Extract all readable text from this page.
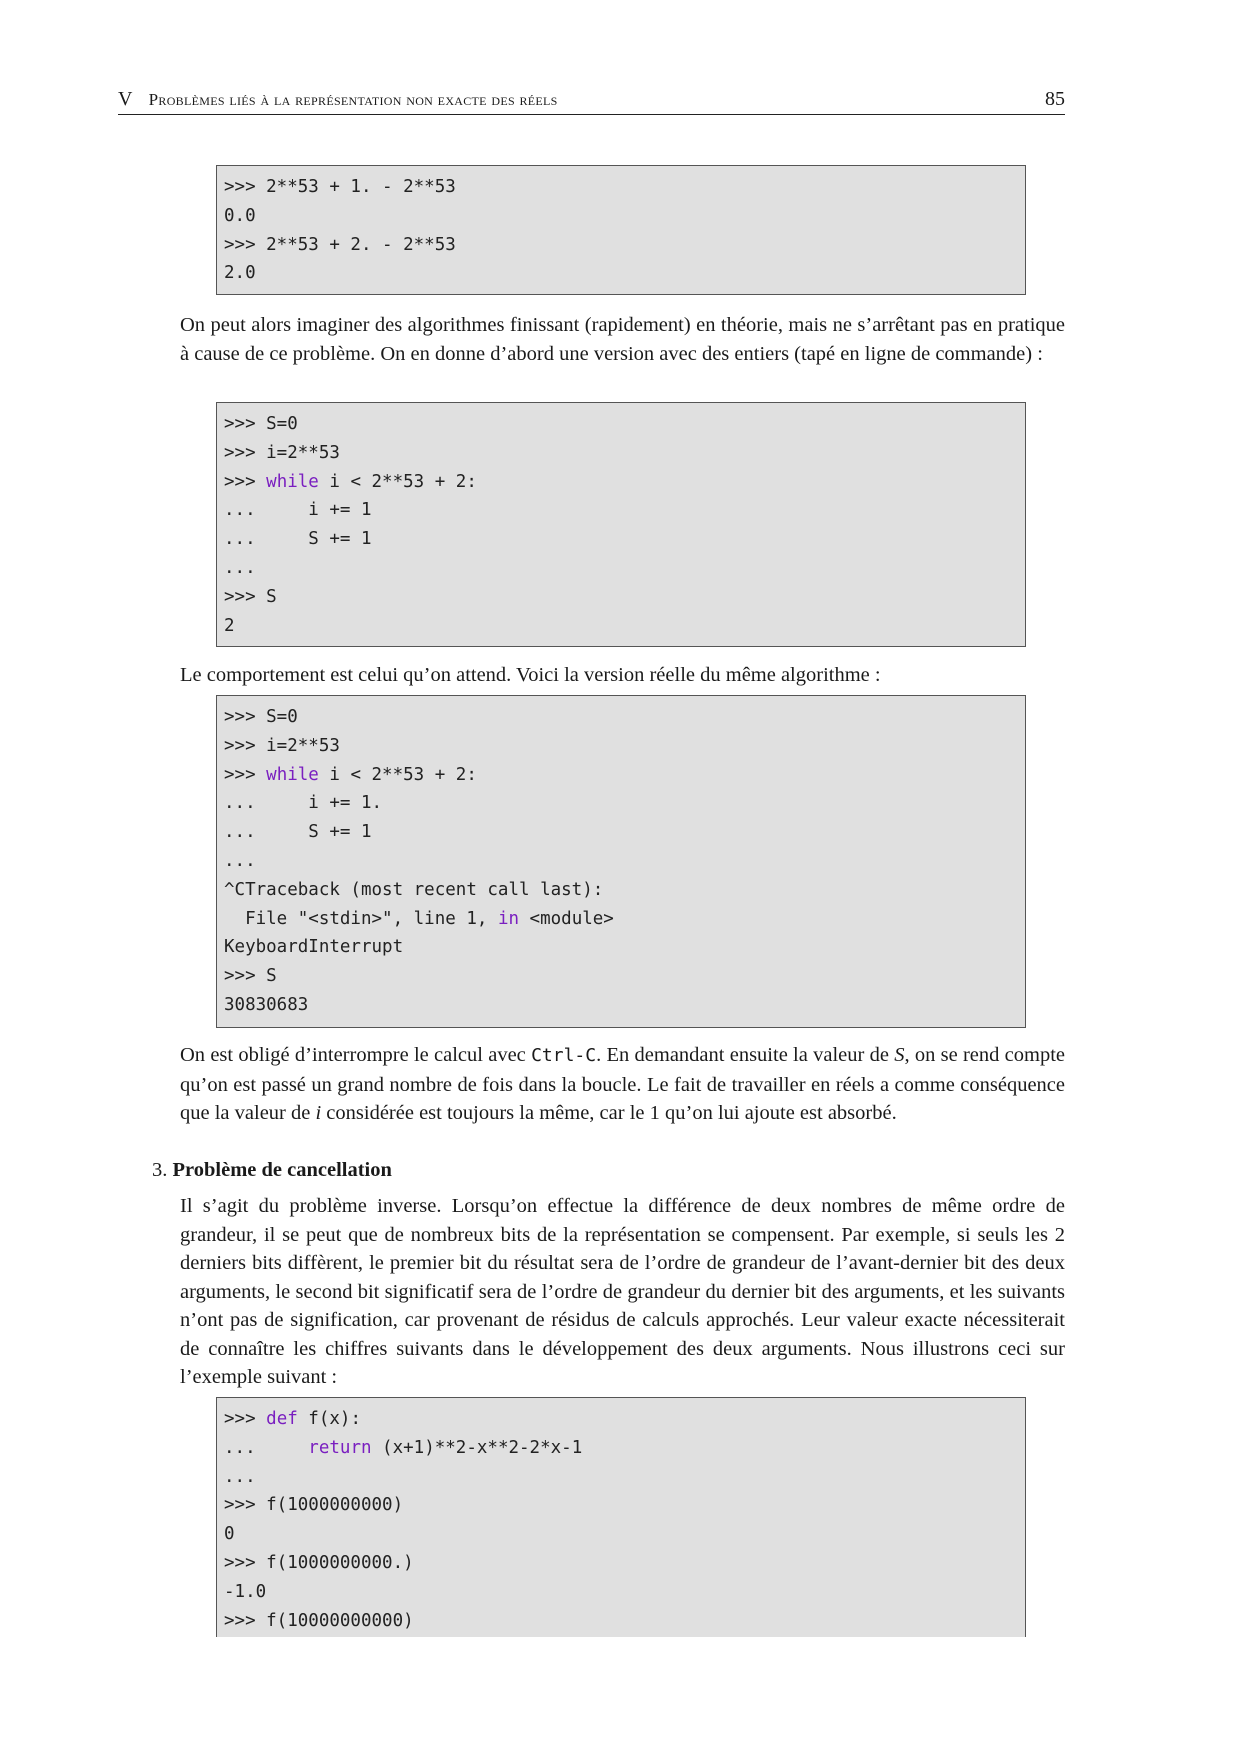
V Problèmes liés à la représentation non exacte des réels	85
>>> 2**53 + 1. - 2**53
0.0
>>> 2**53 + 2. - 2**53
2.0
On peut alors imaginer des algorithmes finissant (rapidement) en théorie, mais ne s’arrêtant pas en pratique à cause de ce problème. On en donne d’abord une version avec des entiers (tapé en ligne de commande) :
>>> S=0
>>> i=2**53
>>> while i < 2**53 + 2:
...     i += 1
...     S += 1
...
>>> S
2
Le comportement est celui qu’on attend. Voici la version réelle du même algorithme :
>>> S=0
>>> i=2**53
>>> while i < 2**53 + 2:
...     i += 1.
...     S += 1
...
^CTraceback (most recent call last):
File "<stdin>", line 1, in <module>
KeyboardInterrupt
>>> S
30830683
On est obligé d’interrompre le calcul avec Ctrl-C. En demandant ensuite la valeur de S, on se rend compte qu’on est passé un grand nombre de fois dans la boucle. Le fait de travailler en réels a comme conséquence que la valeur de i considérée est toujours la même, car le 1 qu’on lui ajoute est absorbé.
3. Problème de cancellation
Il s’agit du problème inverse. Lorsqu’on effectue la différence de deux nombres de même ordre de grandeur, il se peut que de nombreux bits de la représentation se compensent. Par exemple, si seuls les 2 derniers bits diffèrent, le premier bit du résultat sera de l’ordre de grandeur de l’avant-dernier bit des deux arguments, le second bit significatif sera de l’ordre de grandeur du dernier bit des arguments, et les suivants n’ont pas de signification, car provenant de résidus de calculs approchés. Leur valeur exacte nécessiterait de connaître les chiffres suivants dans le développement des deux arguments. Nous illustrons ceci sur l’exemple suivant :
>>> def f(x):
...     return (x+1)**2-x**2-2*x-1
...
>>> f(1000000000)
0
>>> f(1000000000.)
-1.0
>>> f(10000000000)
